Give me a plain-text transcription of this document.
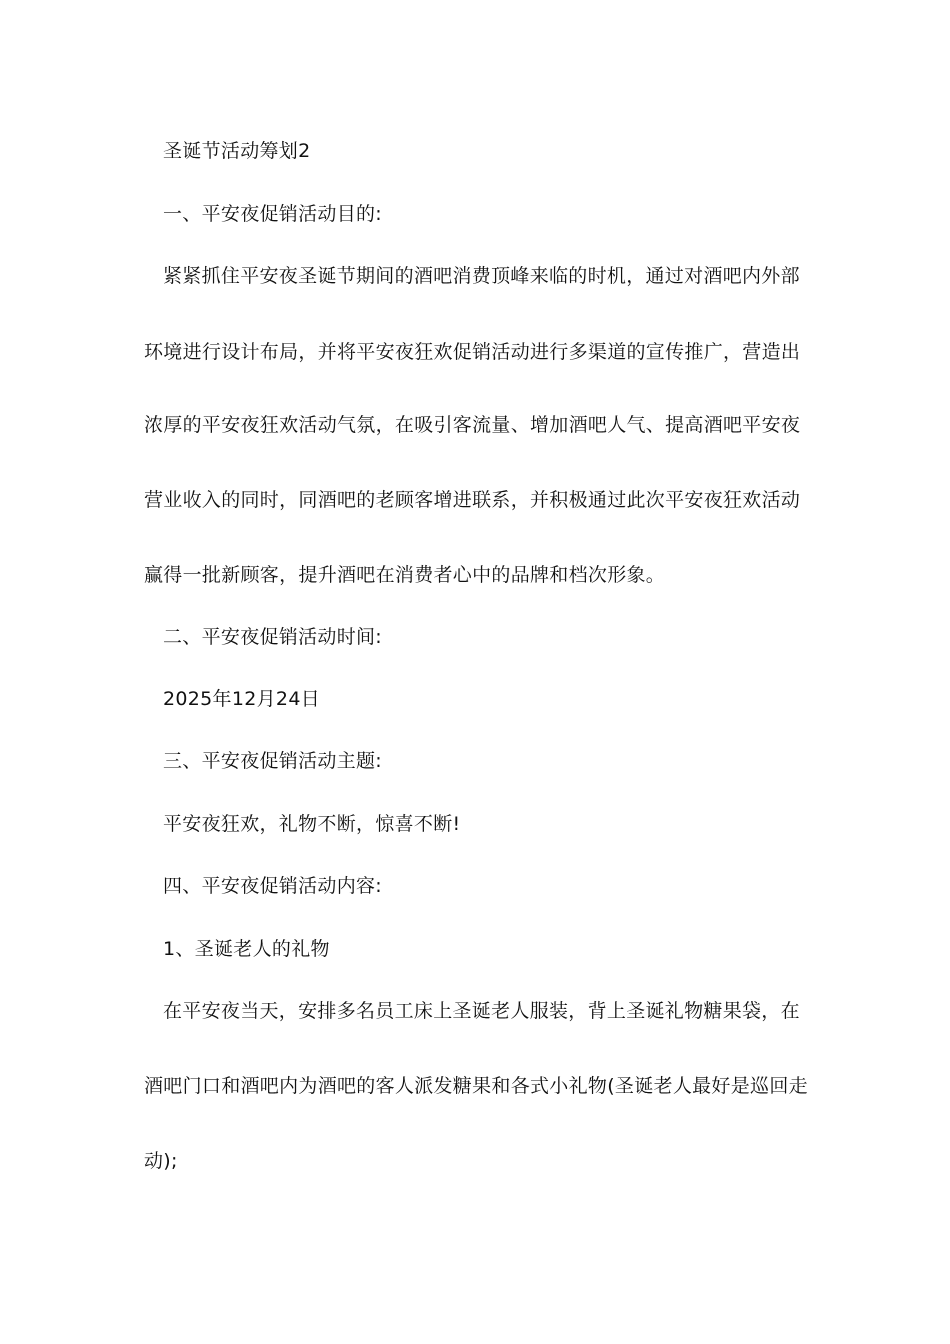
圣诞节活动筹划2
一、平安夜促销活动目的:
紧紧抓住平安夜圣诞节期间的酒吧消费顶峰来临的时机，通过对酒吧内外部
环境进行设计布局，并将平安夜狂欢促销活动进行多渠道的宣传推广，营造出
浓厚的平安夜狂欢活动气氛，在吸引客流量、增加酒吧人气、提高酒吧平安夜
营业收入的同时，同酒吧的老顾客增进联系，并积极通过此次平安夜狂欢活动
赢得一批新顾客，提升酒吧在消费者心中的品牌和档次形象。
二、平安夜促销活动时间:
2025年12月24日
三、平安夜促销活动主题:
平安夜狂欢，礼物不断，惊喜不断!
四、平安夜促销活动内容:
1、圣诞老人的礼物
在平安夜当天，安排多名员工床上圣诞老人服装，背上圣诞礼物糖果袋，在
酒吧门口和酒吧内为酒吧的客人派发糖果和各式小礼物(圣诞老人最好是巡回走
动);
